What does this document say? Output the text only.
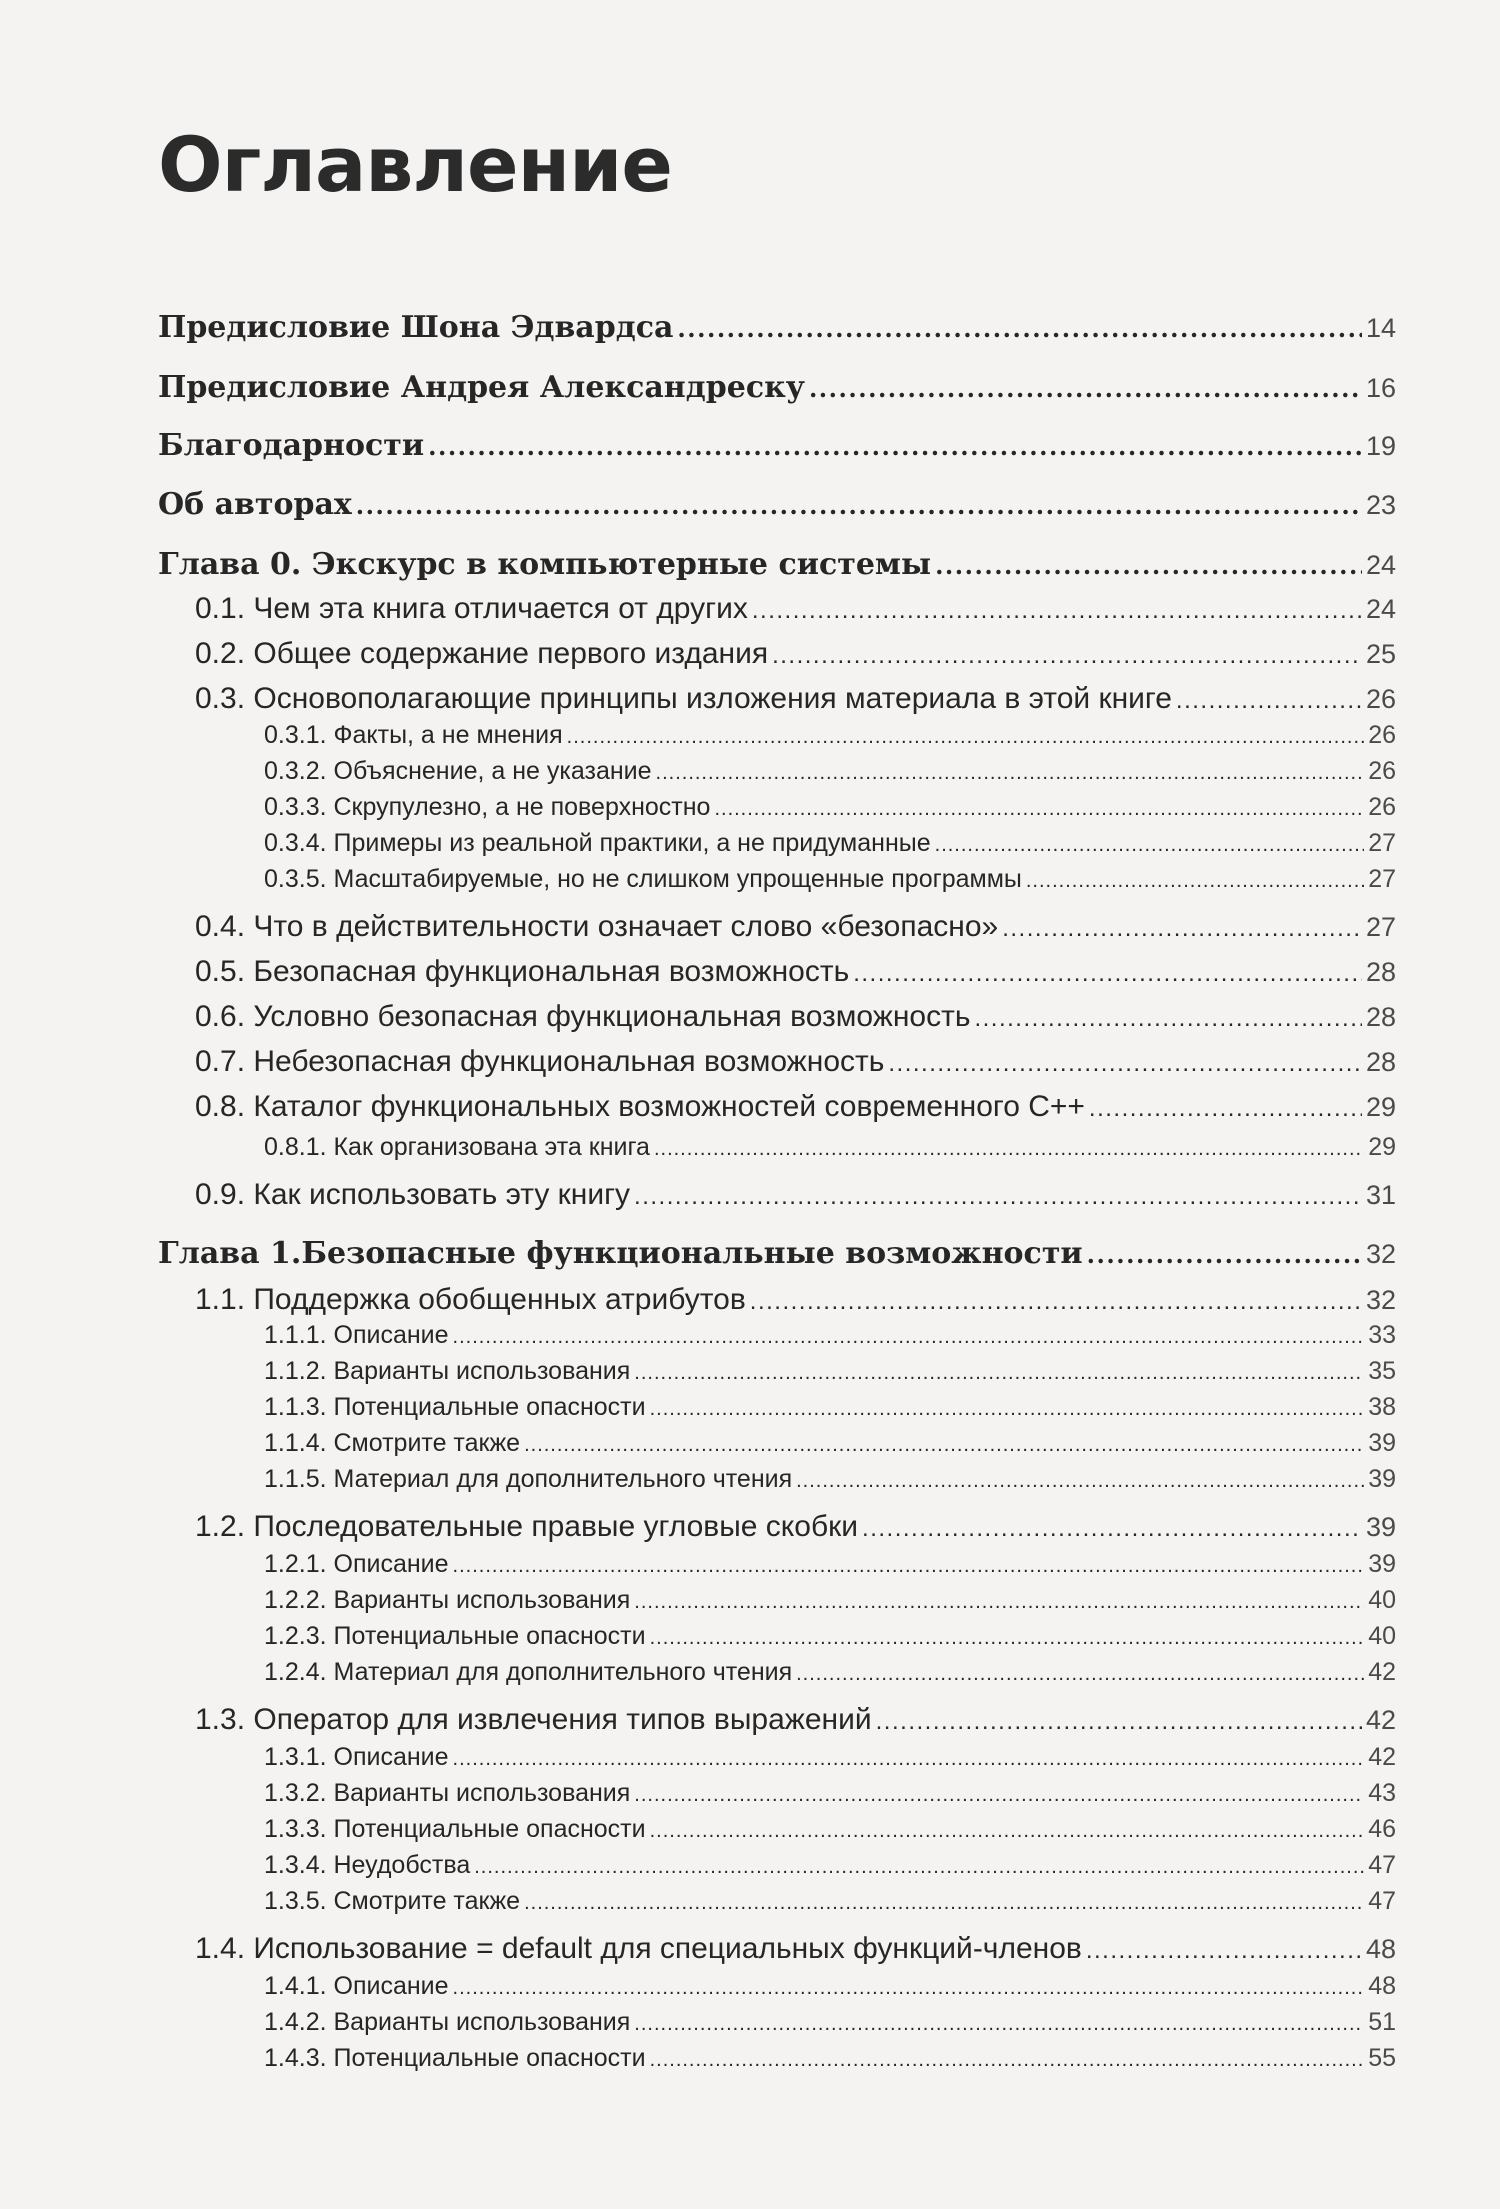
Оглавление
Предисловие Шона Эдвардса .....	14
Предисловие Андрея Александреску .....	16
Благодарности .....	19
Об авторах .....	23
Глава 0. Экскурс в компьютерные системы .....	24
0.1. Чем эта книга отличается от других .....	24
0.2. Общее содержание первого издания .....	25
0.3. Основополагающие принципы изложения материала в этой книге .....	26
0.3.1. Факты, а не мнения .....	26
0.3.2. Объяснение, а не указание .....	26
0.3.3. Скрупулезно, а не поверхностно .....	26
0.3.4. Примеры из реальной практики, а не придуманные .....	27
0.3.5. Масштабируемые, но не слишком упрощенные программы .....	27
0.4. Что в действительности означает слово «безопасно» .....	27
0.5. Безопасная функциональная возможность .....	28
0.6. Условно безопасная функциональная возможность .....	28
0.7. Небезопасная функциональная возможность .....	28
0.8. Каталог функциональных возможностей современного C++ .....	29
0.8.1. Как организована эта книга .....	29
0.9. Как использовать эту книгу .....	31
Глава 1.Безопасные функциональные возможности .....	32
1.1. Поддержка обобщенных атрибутов .....	32
1.1.1. Описание .....	33
1.1.2. Варианты использования .....	35
1.1.3. Потенциальные опасности .....	38
1.1.4. Смотрите также .....	39
1.1.5. Материал для дополнительного чтения .....	39
1.2. Последовательные правые угловые скобки .....	39
1.2.1. Описание .....	39
1.2.2. Варианты использования .....	40
1.2.3. Потенциальные опасности .....	40
1.2.4. Материал для дополнительного чтения .....	42
1.3. Оператор для извлечения типов выражений .....	42
1.3.1. Описание .....	42
1.3.2. Варианты использования .....	43
1.3.3. Потенциальные опасности .....	46
1.3.4. Неудобства .....	47
1.3.5. Смотрите также .....	47
1.4. Использование = default для специальных функций-членов .....	48
1.4.1. Описание .....	48
1.4.2. Варианты использования .....	51
1.4.3. Потенциальные опасности .....	55
